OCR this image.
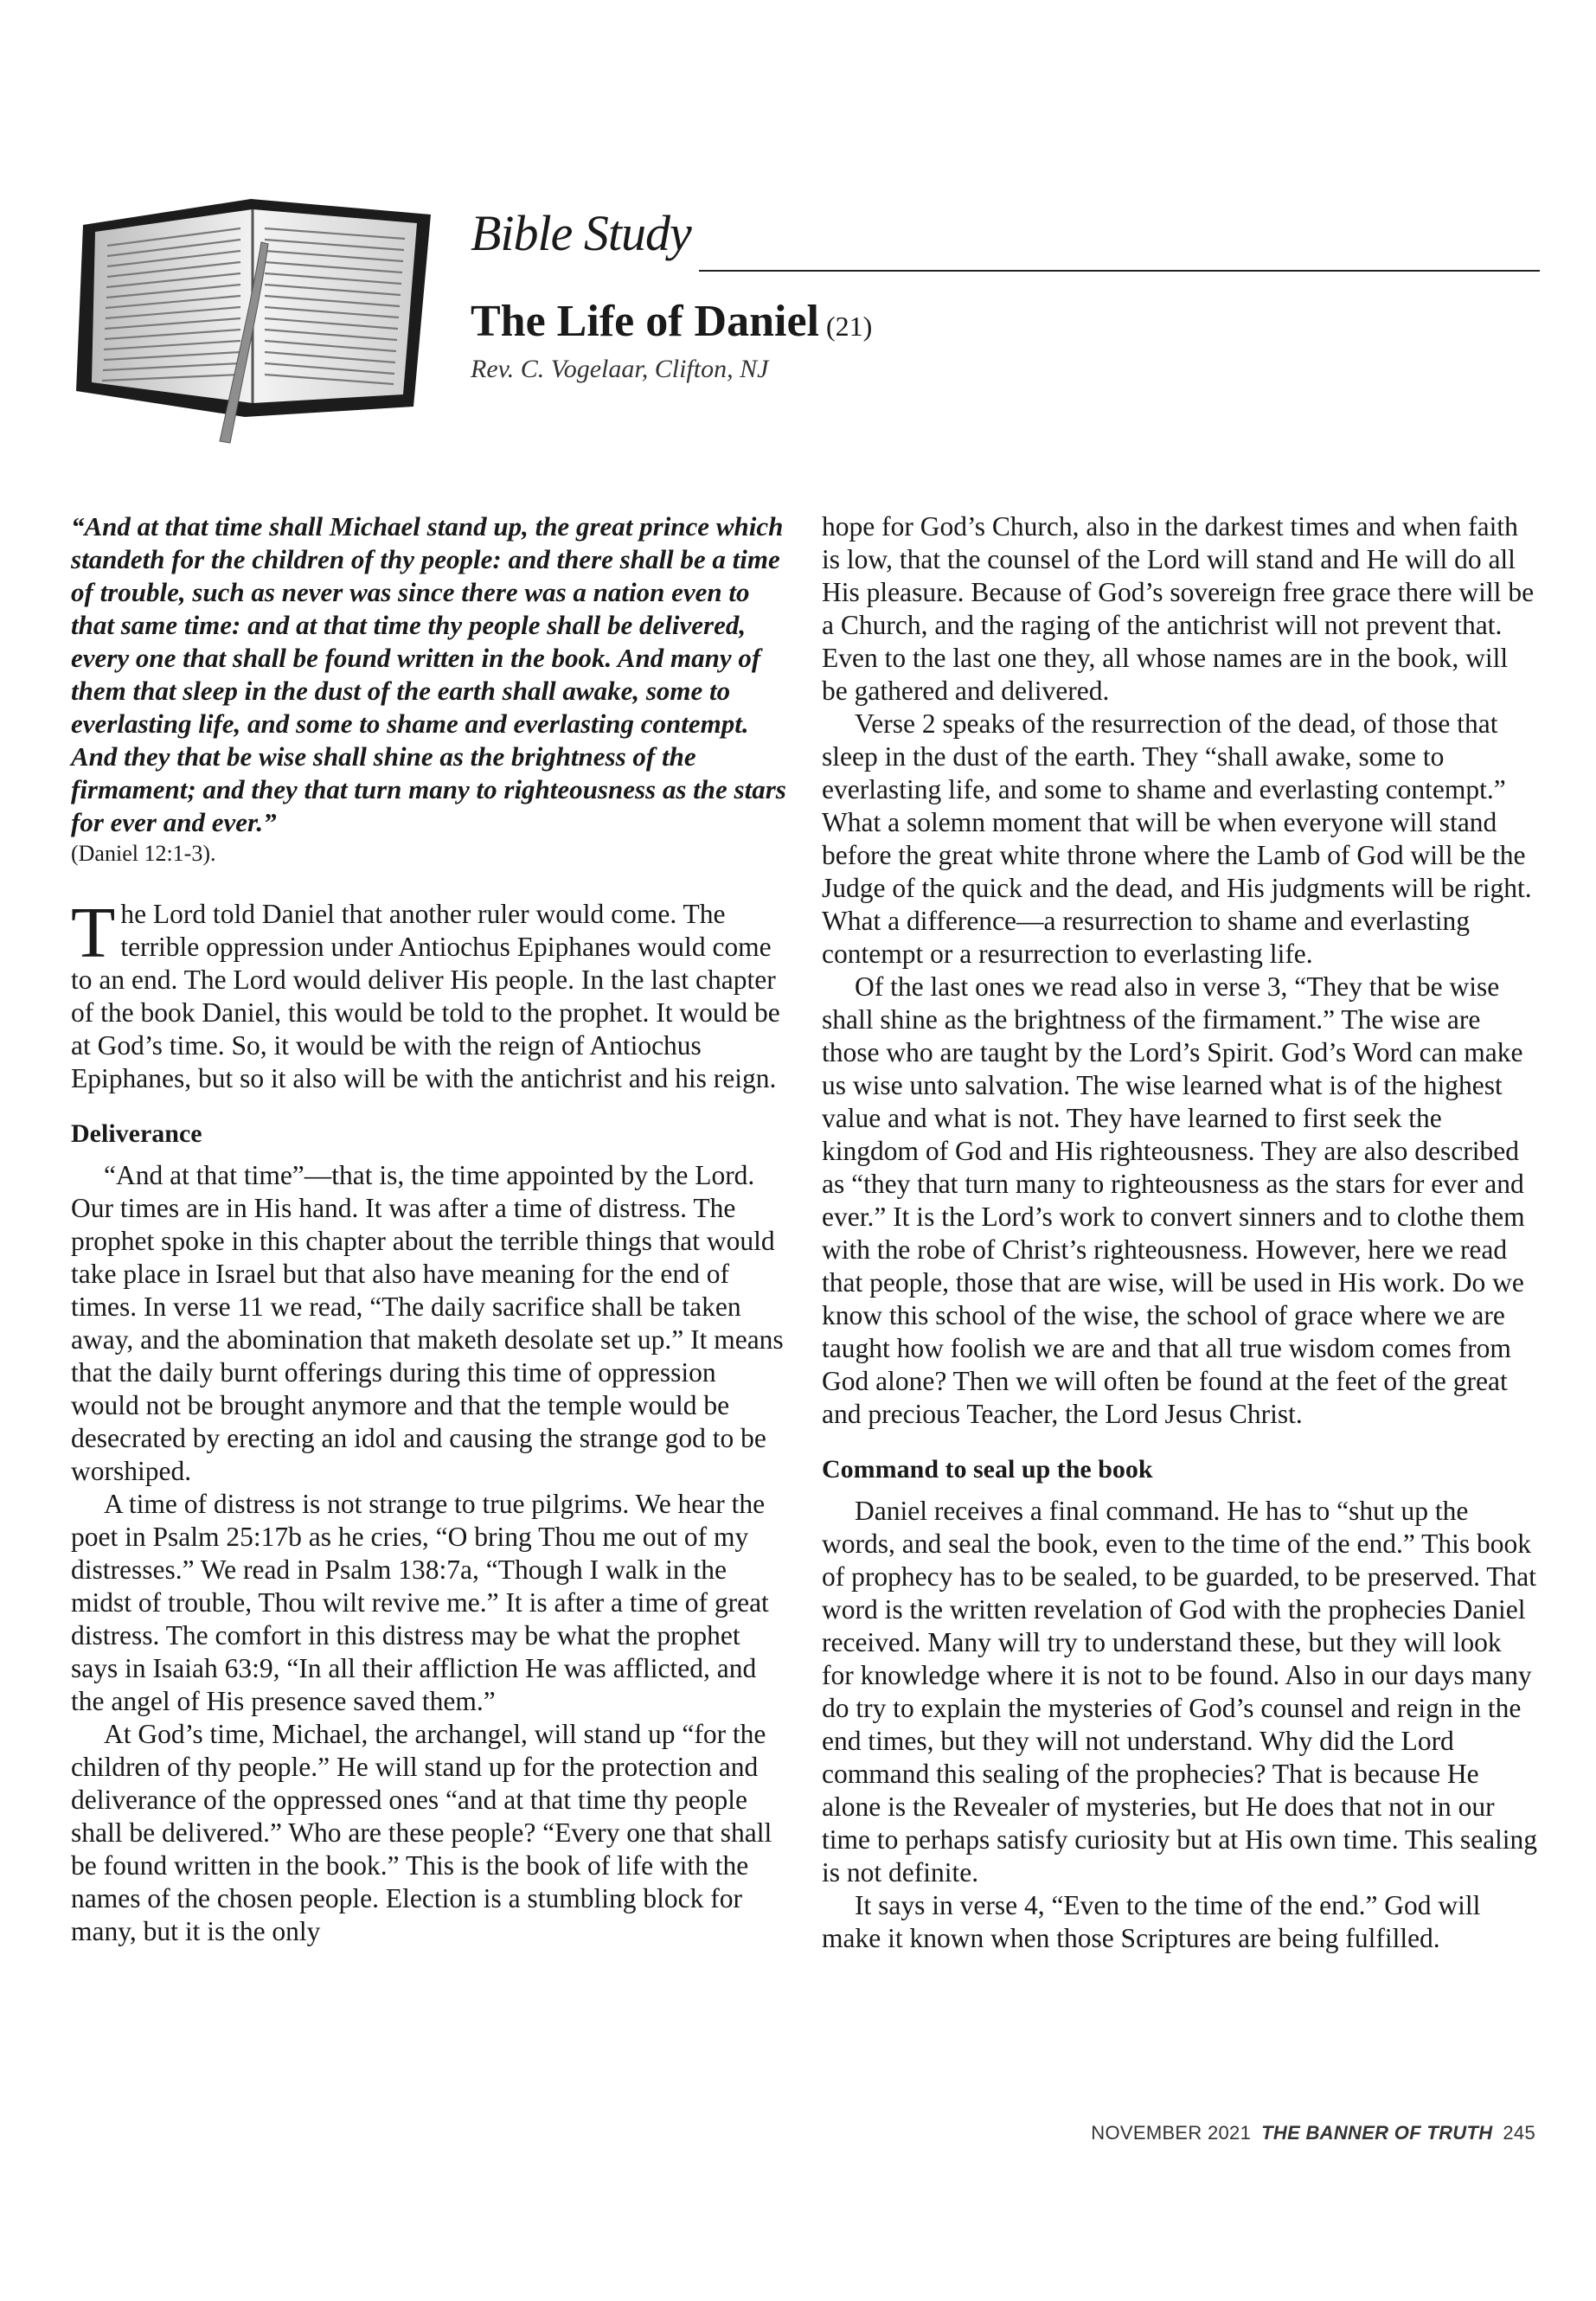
Bible Study
The Life of Daniel (21)
Rev. C. Vogelaar, Clifton, NJ

“And at that time shall Michael stand up, the great prince which standeth for the children of thy people: and there shall be a time of trouble, such as never was since there was a nation even to that same time: and at that time thy people shall be delivered, every one that shall be found written in the book. And many of them that sleep in the dust of the earth shall awake, some to everlasting life, and some to shame and everlasting contempt. And they that be wise shall shine as the brightness of the firmament; and they that turn many to righteousness as the stars for ever and ever.”

(Daniel 12:1-3).

The Lord told Daniel that another ruler would come. The terrible oppression under Antiochus Epiphanes would come to an end. The Lord would deliver His people. In the last chapter of the book Daniel, this would be told to the prophet. It would be at God’s time. So, it would be with the reign of Antiochus Epiphanes, but so it also will be with the antichrist and his reign.

Deliverance

“And at that time”—that is, the time appointed by the Lord. Our times are in His hand. It was after a time of distress. The prophet spoke in this chapter about the terrible things that would take place in Israel but that also have meaning for the end of times. In verse 11 we read, “The daily sacrifice shall be taken away, and the abomination that maketh desolate set up.” It means that the daily burnt offerings during this time of oppression would not be brought anymore and that the temple would be desecrated by erecting an idol and causing the strange god to be worshiped.

A time of distress is not strange to true pilgrims. We hear the poet in Psalm 25:17b as he cries, “O bring Thou me out of my distresses.” We read in Psalm 138:7a, “Though I walk in the midst of trouble, Thou wilt revive me.” It is after a time of great distress. The comfort in this distress may be what the prophet says in Isaiah 63:9, “In all their affliction He was afflicted, and the angel of His presence saved them.”

At God’s time, Michael, the archangel, will stand up “for the children of thy people.” He will stand up for the protection and deliverance of the oppressed ones “and at that time thy people shall be delivered.” Who are these people? “Every one that shall be found written in the book.” This is the book of life with the names of the chosen people. Election is a stumbling block for many, but it is the only

hope for God’s Church, also in the darkest times and when faith is low, that the counsel of the Lord will stand and He will do all His pleasure. Because of God’s sovereign free grace there will be a Church, and the raging of the antichrist will not prevent that. Even to the last one they, all whose names are in the book, will be gathered and delivered.

Verse 2 speaks of the resurrection of the dead, of those that sleep in the dust of the earth. They “shall awake, some to everlasting life, and some to shame and everlasting contempt.” What a solemn moment that will be when everyone will stand before the great white throne where the Lamb of God will be the Judge of the quick and the dead, and His judgments will be right. What a difference—a resurrection to shame and everlasting contempt or a resurrection to everlasting life.

Of the last ones we read also in verse 3, “They that be wise shall shine as the brightness of the firmament.” The wise are those who are taught by the Lord’s Spirit. God’s Word can make us wise unto salvation. The wise learned what is of the highest value and what is not. They have learned to first seek the kingdom of God and His righteousness. They are also described as “they that turn many to righteousness as the stars for ever and ever.” It is the Lord’s work to convert sinners and to clothe them with the robe of Christ’s righteousness. However, here we read that people, those that are wise, will be used in His work. Do we know this school of the wise, the school of grace where we are taught how foolish we are and that all true wisdom comes from God alone? Then we will often be found at the feet of the great and precious Teacher, the Lord Jesus Christ.

Command to seal up the book

Daniel receives a final command. He has to “shut up the words, and seal the book, even to the time of the end.” This book of prophecy has to be sealed, to be guarded, to be preserved. That word is the written revelation of God with the prophecies Daniel received. Many will try to understand these, but they will look for knowledge where it is not to be found. Also in our days many do try to explain the mysteries of God’s counsel and reign in the end times, but they will not understand. Why did the Lord command this sealing of the prophecies? That is because He alone is the Revealer of mysteries, but He does that not in our time to perhaps satisfy curiosity but at His own time. This sealing is not definite.

It says in verse 4, “Even to the time of the end.” God will make it known when those Scriptures are being fulfilled.

NOVEMBER 2021 THE BANNER OF TRUTH 245
